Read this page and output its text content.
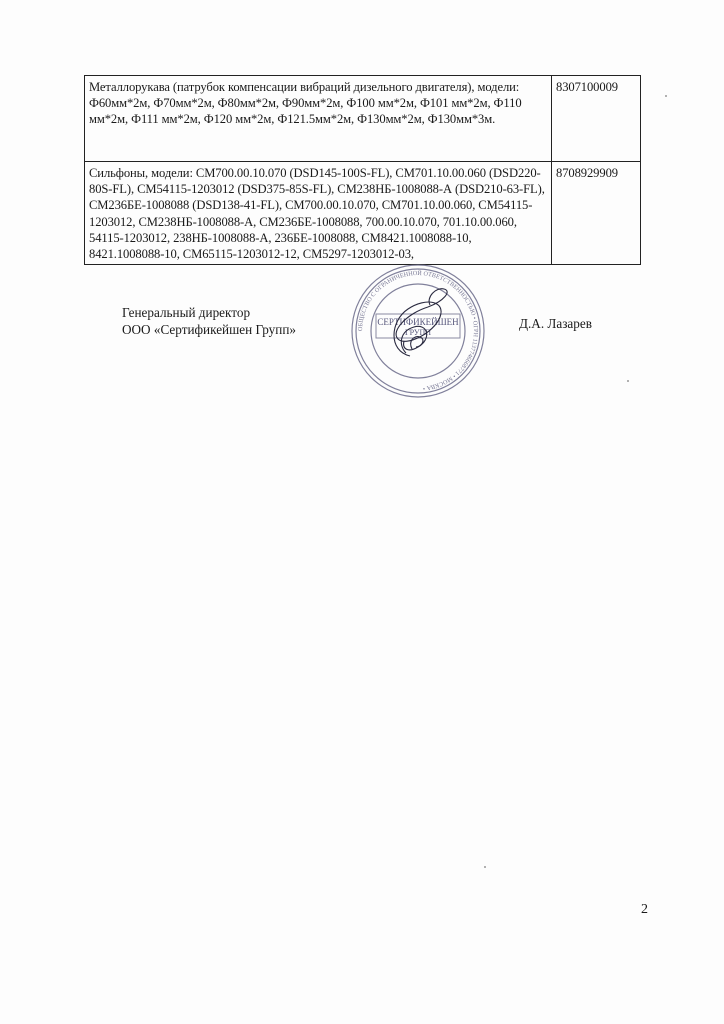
Металлорукава (патрубок компенсации вибраций дизельного двигателя), модели: Ф60мм*2м, Ф70мм*2м, Ф80мм*2м, Ф90мм*2м, Ф100 мм*2м, Ф101 мм*2м, Ф110 мм*2м, Ф111 мм*2м, Ф120 мм*2м, Ф121.5мм*2м, Ф130мм*2м, Ф130мм*3м.	8307100009
Сильфоны, модели: СМ700.00.10.070 (DSD145-100S-FL), СМ701.10.00.060 (DSD220-80S-FL), СМ54115-1203012 (DSD375-85S-FL), СМ238НБ-1008088-А (DSD210-63-FL), СМ236БЕ-1008088 (DSD138-41-FL), СМ700.00.10.070, СМ701.10.00.060, СМ54115-1203012, СМ238НБ-1008088-А, СМ236БЕ-1008088, 700.00.10.070, 701.10.00.060, 54115-1203012, 238НБ-1008088-А, 236БЕ-1008088, СМ8421.1008088-10, 8421.1008088-10, СМ65115-1203012-12, СМ5297-1203012-03,	8708929909
Генеральный директор
ООО «Сертификейшен Групп»	ОБЩЕСТВО С ОГРАНИЧЕННОЙ ОТВЕТСТВЕННОСТЬЮ • ОГРН 1137746668771 • МОСКВА •
СЕРТИФИКЕЙШЕН
ГРУПП
Д.А. Лазарев
2
